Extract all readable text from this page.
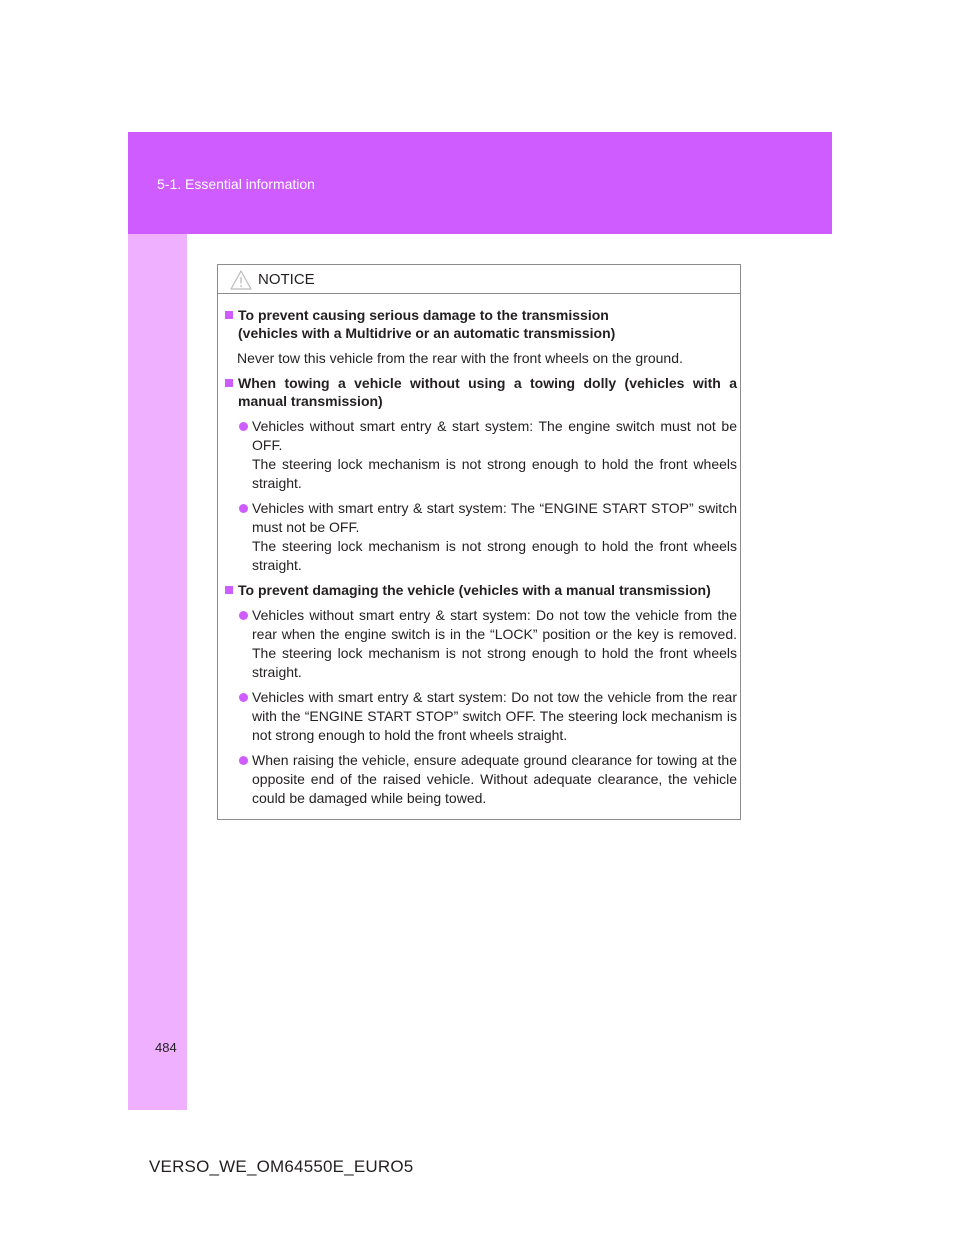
5-1. Essential information
484
VERSO_WE_OM64550E_EURO5
NOTICE
To prevent causing serious damage to the transmission
(vehicles with a Multidrive or an automatic transmission)
Never tow this vehicle from the rear with the front wheels on the ground.
When towing a vehicle without using a towing dolly (vehicles with a manual transmission)
Vehicles without smart entry & start system: The engine switch must not be OFF.
The steering lock mechanism is not strong enough to hold the front wheels straight.
Vehicles with smart entry & start system: The “ENGINE START STOP” switch must not be OFF.
The steering lock mechanism is not strong enough to hold the front wheels straight.
To prevent damaging the vehicle (vehicles with a manual transmission)
Vehicles without smart entry & start system: Do not tow the vehicle from the rear when the engine switch is in the “LOCK” position or the key is removed. The steering lock mechanism is not strong enough to hold the front wheels straight.
Vehicles with smart entry & start system: Do not tow the vehicle from the rear with the “ENGINE START STOP” switch OFF. The steering lock mechanism is not strong enough to hold the front wheels straight.
When raising the vehicle, ensure adequate ground clearance for towing at the opposite end of the raised vehicle. Without adequate clearance, the vehicle could be damaged while being towed.
